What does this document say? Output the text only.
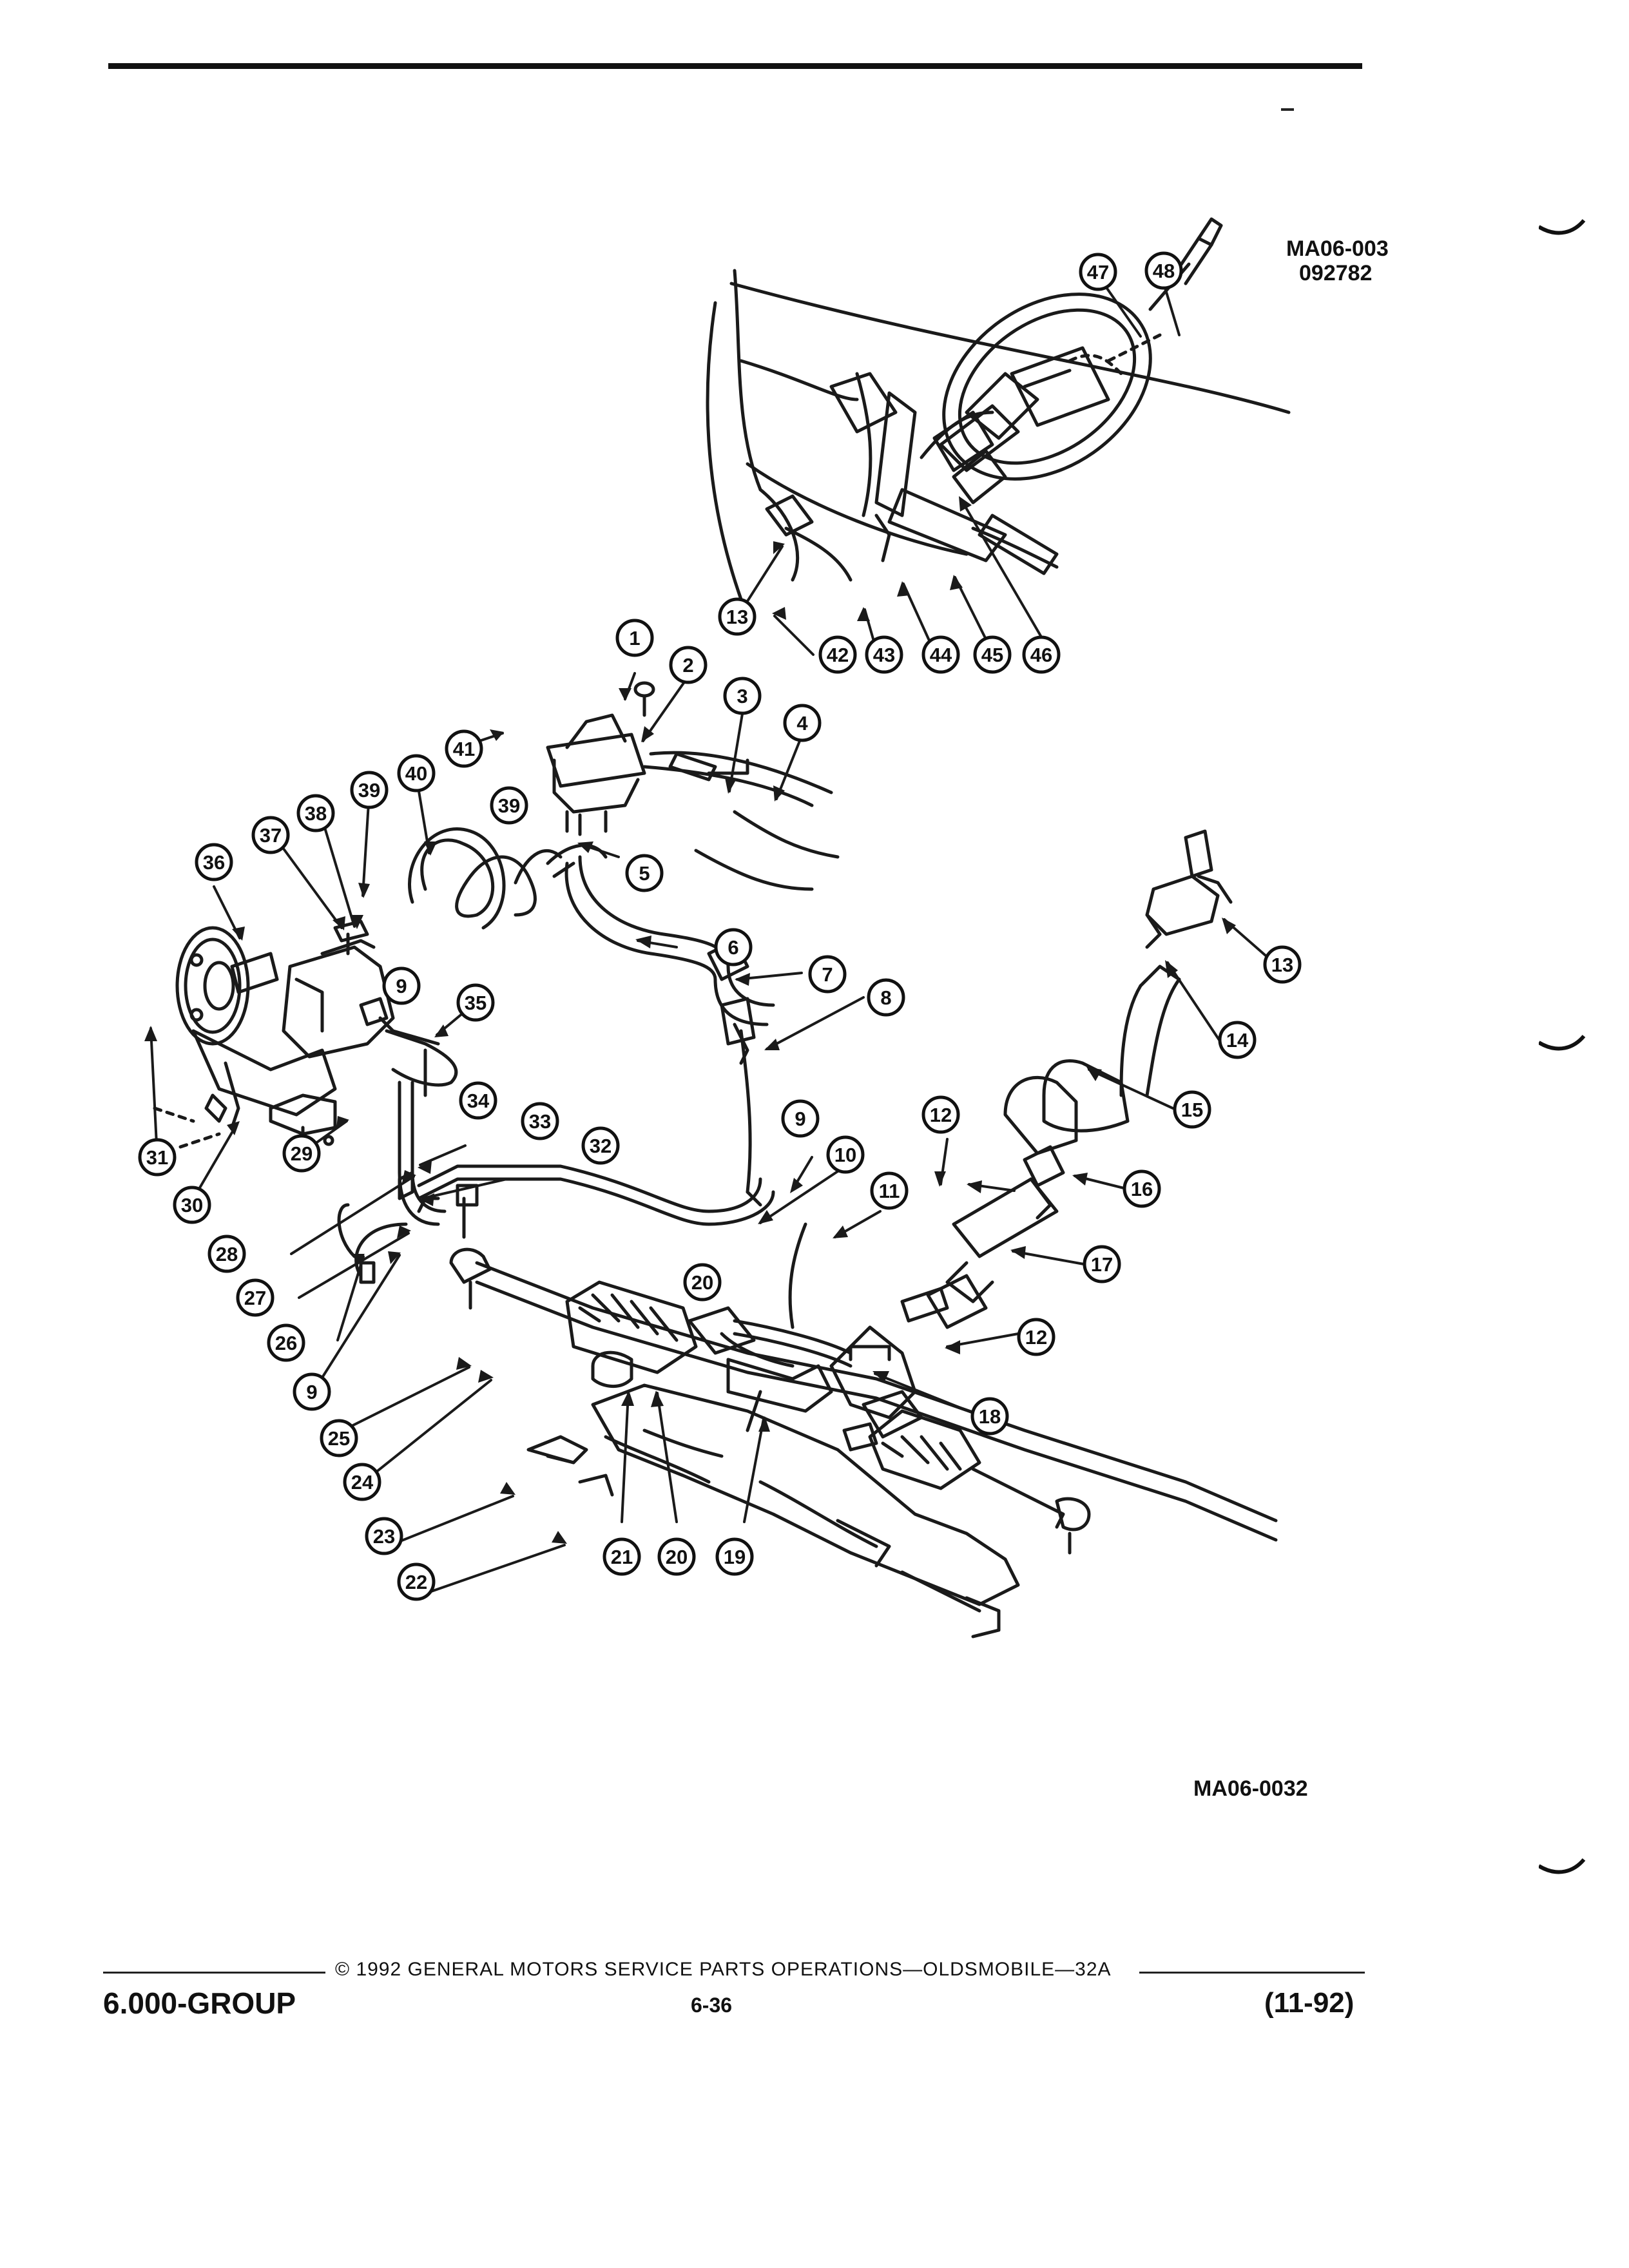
MA06-003
092782
1
2
3
4
5
6
7
8
9
9
9
10
11
12
12
13
13
14
15
16
17
18
19
20
20
21
22
23
24
25
26
27
28
29
30
31
32
33
34
35
36
37
38
39
39
40
41
42 43 44 45 46
47 48
MA06-0032
© 1992 GENERAL MOTORS SERVICE PARTS OPERATIONS—OLDSMOBILE—32A
6.000-GROUP	6-36	(11-92)
